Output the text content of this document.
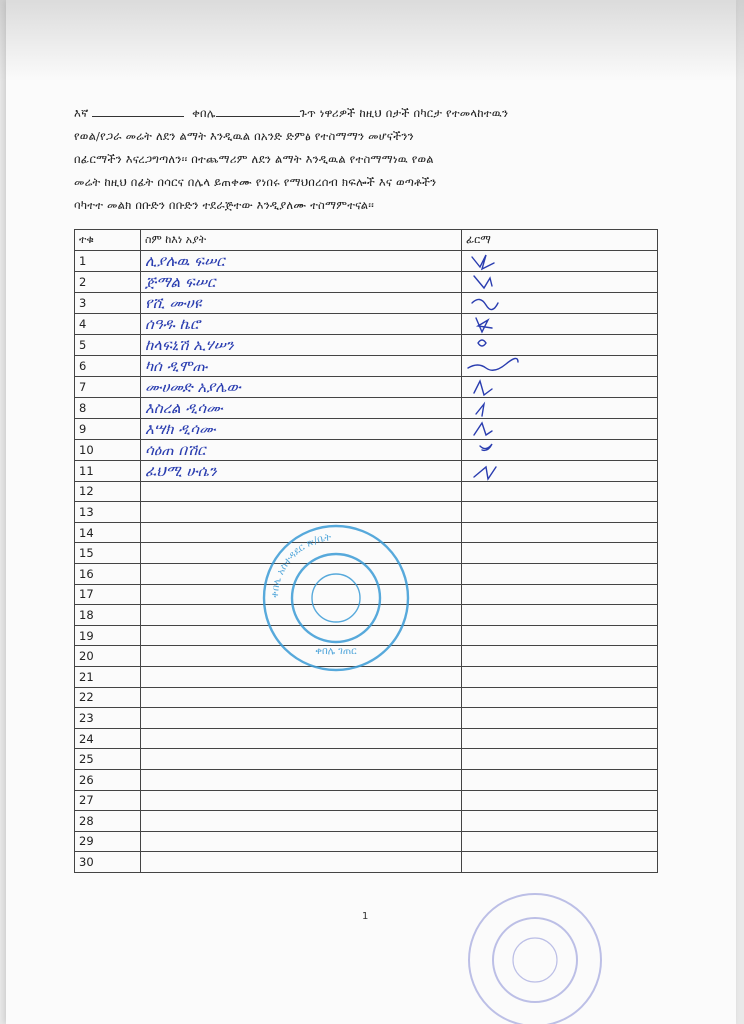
እኛ	ቀበሌ	ጉጥ ነዋሪዎች ከዚህ በታች በካርታ የተመላከተዉን

የወል/የጋራ መሬት ለደን ልማት እንዲዉል በአንድ ድምፅ የተስማማን መሆናችንን

በፊርማችን እናረጋግጣለን፡፡ በተጨማሪም ለደን ልማት እንዲዉል የተስማማነዉ የወል

መሬት ከዚህ በፊት በሳርና በሌላ ይጠቀሙ የነበሩ የማህበረሰብ ክፍሎች እና ወጣቶችን

ባካተተ መልክ በቡድን በቡድን ተደራጅተው እንዲያለሙ ተስማምተናል፡፡

ተቁ	ስም ከእነ አያት	ፊርማ
1	ሊያሉዉ ፍሠር	

2	ጅማል ፍሠር	

3	የሺ ሙሀዩ	

4	ሰዓዱ ኬሮ	

5	ከላፍኒሽ ኢሃሠን	

6	ካሰ ዲሞጡ	

7	ሙሀመድ አያሌው	

8	እስረል ዲሳሙ	

9	እሣክ ዲሳሙ	

10	ሳዕጠ በሽር	

11	ፈህሚ ሁሴን	

12		
13		
14		
15		
16		
17		
18		
19		
20		
21		
22		
23		
24		
25		
26		
27		
28		
29		
30		
ቀበሌ አስተዳደር ጽ/ቤት
ቀበሌ ገጠር
1
